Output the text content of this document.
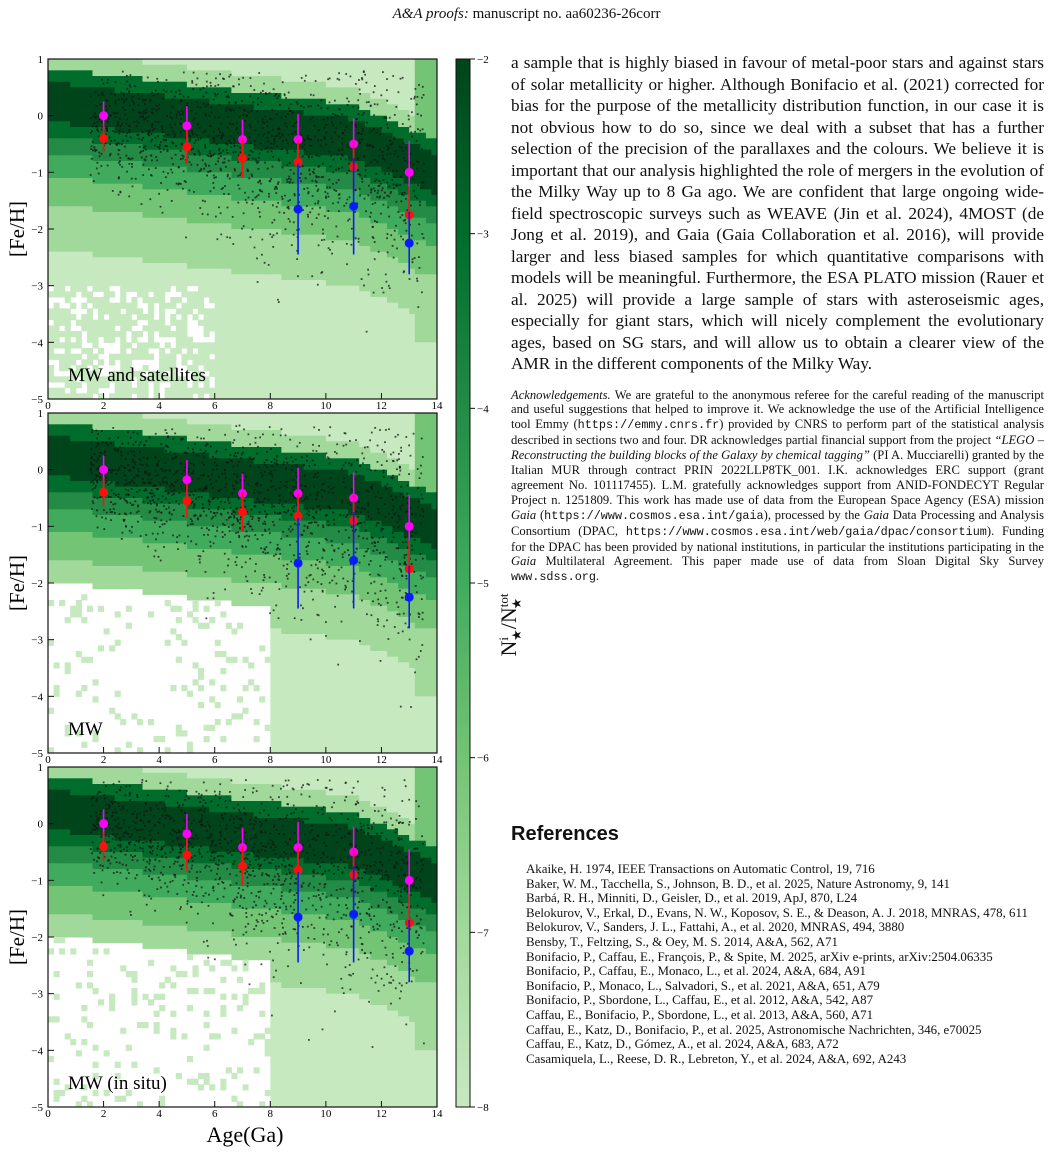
A&A proofs: manuscript no. aa60236-26corr
0	2	4	6	8	10	12	14
1
0
−1
−2
−3
−4
−5
[Fe/H]
MW and satellites
0	2	4	6	8	10	12	14
1
0
−1
−2
−3
−4
−5
[Fe/H]
MW
0	2	4	6	8	10	12	14
1
0
−1
−2
−3
−4
−5
[Fe/H]
MW (in situ)
−2
−3
−4
−5
−6
−7
−8
Age(Ga)
$N^i★/N^{tot}★$

a sample that is highly biased in favour of metal-poor stars and against stars of solar metallicity or higher. Although Bonifacio et al. (2021) corrected for bias for the purpose of the metallicity distribution function, in our case it is not obvious how to do so, since we deal with a subset that has a further selection of the precision of the parallaxes and the colours. We believe it is important that our analysis highlighted the role of mergers in the evolution of the Milky Way up to 8 Ga ago. We are confident that large ongoing wide-field spectroscopic surveys such as WEAVE (Jin et al. 2024), 4MOST (de Jong et al. 2019), and Gaia (Gaia Collaboration et al. 2016), will provide larger and less biased samples for which quantitative comparisons with models will be meaningful. Furthermore, the ESA PLATO mission (Rauer et al. 2025) will provide a large sample of stars with asteroseismic ages, especially for giant stars, which will nicely complement the evolutionary ages, based on SG stars, and will allow us to obtain a clearer view of the AMR in the different components of the Milky Way.

Acknowledgements. We are grateful to the anonymous referee for the careful reading of the manuscript and useful suggestions that helped to improve it. We acknowledge the use of the Artificial Intelligence tool Emmy (https://emmy.cnrs.fr) provided by CNRS to perform part of the statistical analysis described in sections two and four. DR acknowledges partial financial support from the project “LEGO – Reconstructing the building blocks of the Galaxy by chemical tagging” (PI A. Mucciarelli) granted by the Italian MUR through contract PRIN 2022LLP8TK_001. I.K. acknowledges ERC support (grant agreement No. 101117455). L.M. gratefully acknowledges support from ANID-FONDECYT Regular Project n. 1251809. This work has made use of data from the European Space Agency (ESA) mission Gaia (https://www.cosmos.esa.int/gaia), processed by the Gaia Data Processing and Analysis Consortium (DPAC, https://www.cosmos.esa.int/web/gaia/dpac/consortium). Funding for the DPAC has been provided by national institutions, in particular the institutions participating in the Gaia Multilateral Agreement. This paper made use of data from Sloan Digital Sky Survey www.sdss.org.

References
Akaike, H. 1974, IEEE Transactions on Automatic Control, 19, 716
Baker, W. M., Tacchella, S., Johnson, B. D., et al. 2025, Nature Astronomy, 9, 141
Barbá, R. H., Minniti, D., Geisler, D., et al. 2019, ApJ, 870, L24
Belokurov, V., Erkal, D., Evans, N. W., Koposov, S. E., & Deason, A. J. 2018, MNRAS, 478, 611
Belokurov, V., Sanders, J. L., Fattahi, A., et al. 2020, MNRAS, 494, 3880
Bensby, T., Feltzing, S., & Oey, M. S. 2014, A&A, 562, A71
Bonifacio, P., Caffau, E., François, P., & Spite, M. 2025, arXiv e-prints, arXiv:2504.06335
Bonifacio, P., Caffau, E., Monaco, L., et al. 2024, A&A, 684, A91
Bonifacio, P., Monaco, L., Salvadori, S., et al. 2021, A&A, 651, A79
Bonifacio, P., Sbordone, L., Caffau, E., et al. 2012, A&A, 542, A87
Caffau, E., Bonifacio, P., Sbordone, L., et al. 2013, A&A, 560, A71
Caffau, E., Katz, D., Bonifacio, P., et al. 2025, Astronomische Nachrichten, 346, e70025
Caffau, E., Katz, D., Gómez, A., et al. 2024, A&A, 683, A72
Casamiquela, L., Reese, D. R., Lebreton, Y., et al. 2024, A&A, 692, A243
